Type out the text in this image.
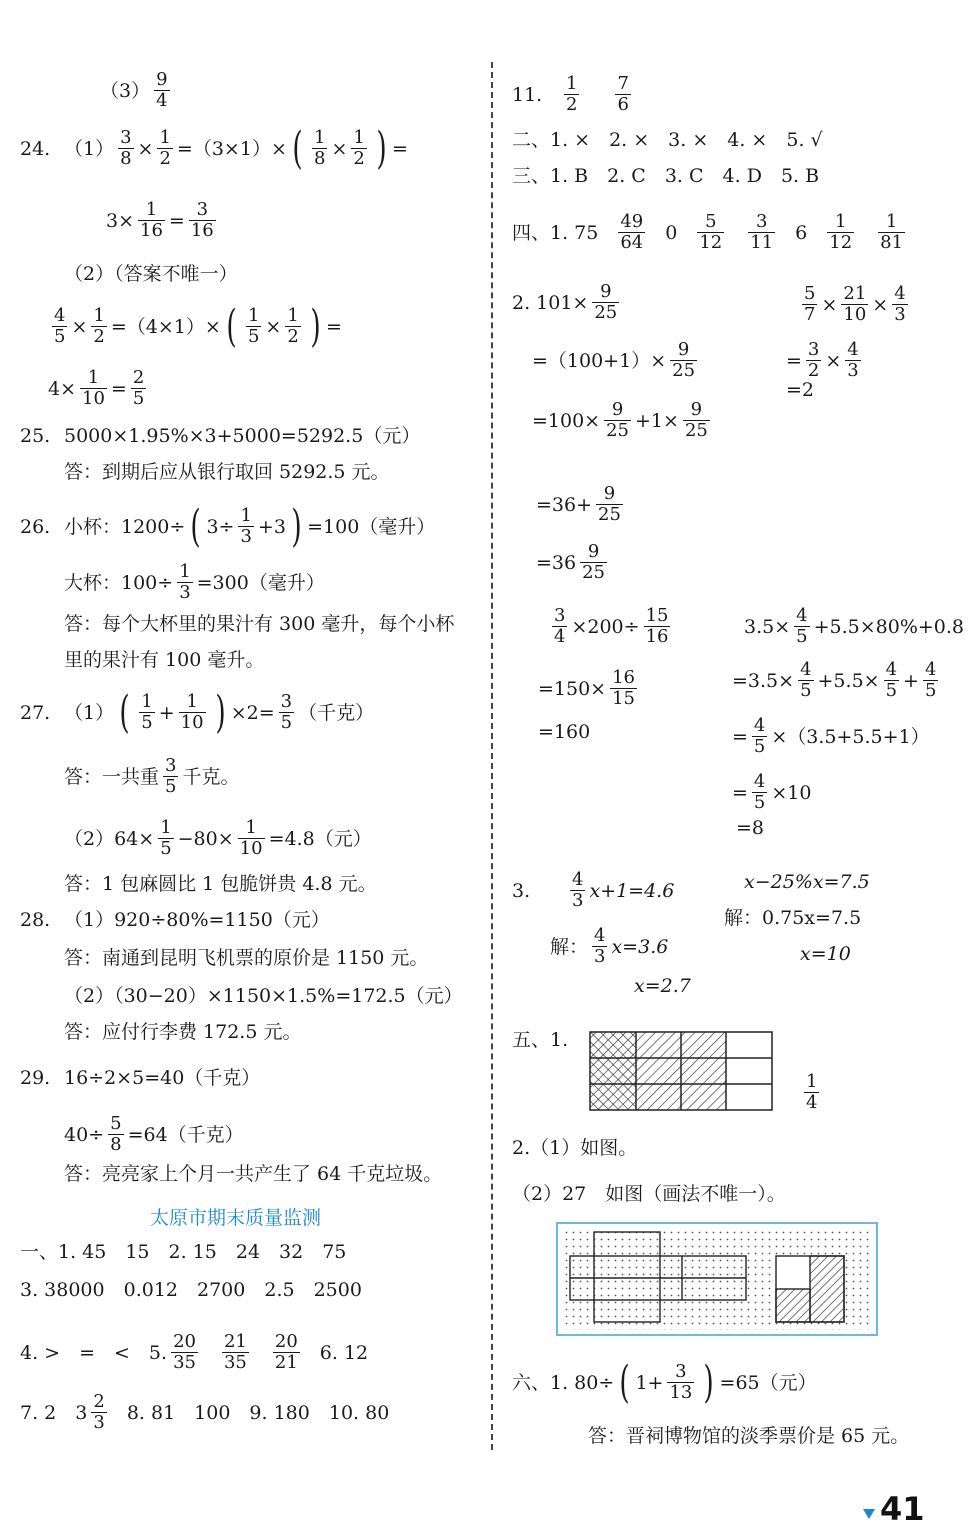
$(3) \frac{9}{4}$
24. $(1) \frac{3}{8} \times \frac{1}{2} =(3\times 1)\times$ ( $\frac{1}{8} \times \frac{1}{2}$ ) =
$3\times \frac{1}{16} = \frac{3}{16}$
（2）（答案不唯一）
$\frac{4}{5} \times \frac{1}{2} =(4\times 1)\times$ ( $\frac{1}{5} \times \frac{1}{2}$ ) =
$4\times \frac{1}{10} = \frac{2}{5}$
25. 5000×1.95%×3+5000=5292.5（元）
答：到期后应从银行取回 5292.5 元。
26. 小杯：1200÷ ( $3\div \frac{1}{3} +3$ ) =100（毫升）
大杯：$100\div \frac{1}{3} =300$（毫升）
答：每个大杯里的果汁有 300 毫升，每个小杯
里的果汁有 100 毫升。
27. （1） ( $\frac{1}{5} + \frac{1}{10}$ ) $\times 2= \frac{3}{5}$ （千克）
答：一共重 $\frac{3}{5}$ 千克。
$(2)64\times \frac{1}{5} -80\times \frac{1}{10} =4.8$（元）
答：1 包麻圆比 1 包脆饼贵 4.8 元。
28. （1）920÷80%=1150（元）
答：南通到昆明飞机票的原价是 1150 元。
（2）（30−20）×1150×1.5%=172.5（元）
答：应付行李费 172.5 元。
29. 16÷2×5=40（千克）
$40\div \frac{5}{8} =64$（千克）
答：亮亮家上个月一共产生了 64 千克垃圾。
太原市期末质量监测
一、1. 45　15　2. 15　24　32　75
3. 38000　0.012　2700　2.5　2500
4. >　=　<　5. $\frac{20}{35} \frac{21}{35} \frac{20}{21} 6$. 12
7. 2　$3 \frac{2}{3} 8$. 81　100　9. 180　10. 80
11.	$\frac{1}{2} \frac{7}{6}$
二、1. ×　2. ×　3. ×　4. ×　5. √
三、1. B　2. C　3. C　4. D　5. B
四、1. $75 \frac{49}{64} 0 \frac{5}{12} \frac{3}{11} 6 \frac{1}{12} \frac{1}{81}$
2. $101\times \frac{9}{25}$
$=(100+1)\times \frac{9}{25}$
$=100\times \frac{9}{25} +1\times \frac{9}{25}$
$=36+ \frac{9}{25}$
$=36 \frac{9}{25}$
$\frac{5}{7} \times \frac{21}{10} \times \frac{4}{3}$
= $\frac{3}{2} \times \frac{4}{3}$
=2
$\frac{3}{4} \times 200\div \frac{15}{16}$
$=150\times \frac{16}{15}$
=160
$3.5\times \frac{4}{5} +5.5\times 80\%+0.8$
$=3.5\times \frac{4}{5} +5.5\times \frac{4}{5} + \frac{4}{5}$
= $\frac{4}{5} \times(3.5+5.5+1)$
= $\frac{4}{5} \times 10$
=8
3.	$\frac{4}{3} x+1=4.6$
解： $\frac{4}{3} x=3.6$
x=2.7
x−25%x=7.5
解：0.75x=7.5
x=10
五、1.
$\frac{1}{4}$
2.（1）如图。
（2）27　如图（画法不唯一）。
六、1. 80÷ ( $1+ \frac{3}{13}$ ) =65（元）
答：晋祠博物馆的淡季票价是 65 元。
41
